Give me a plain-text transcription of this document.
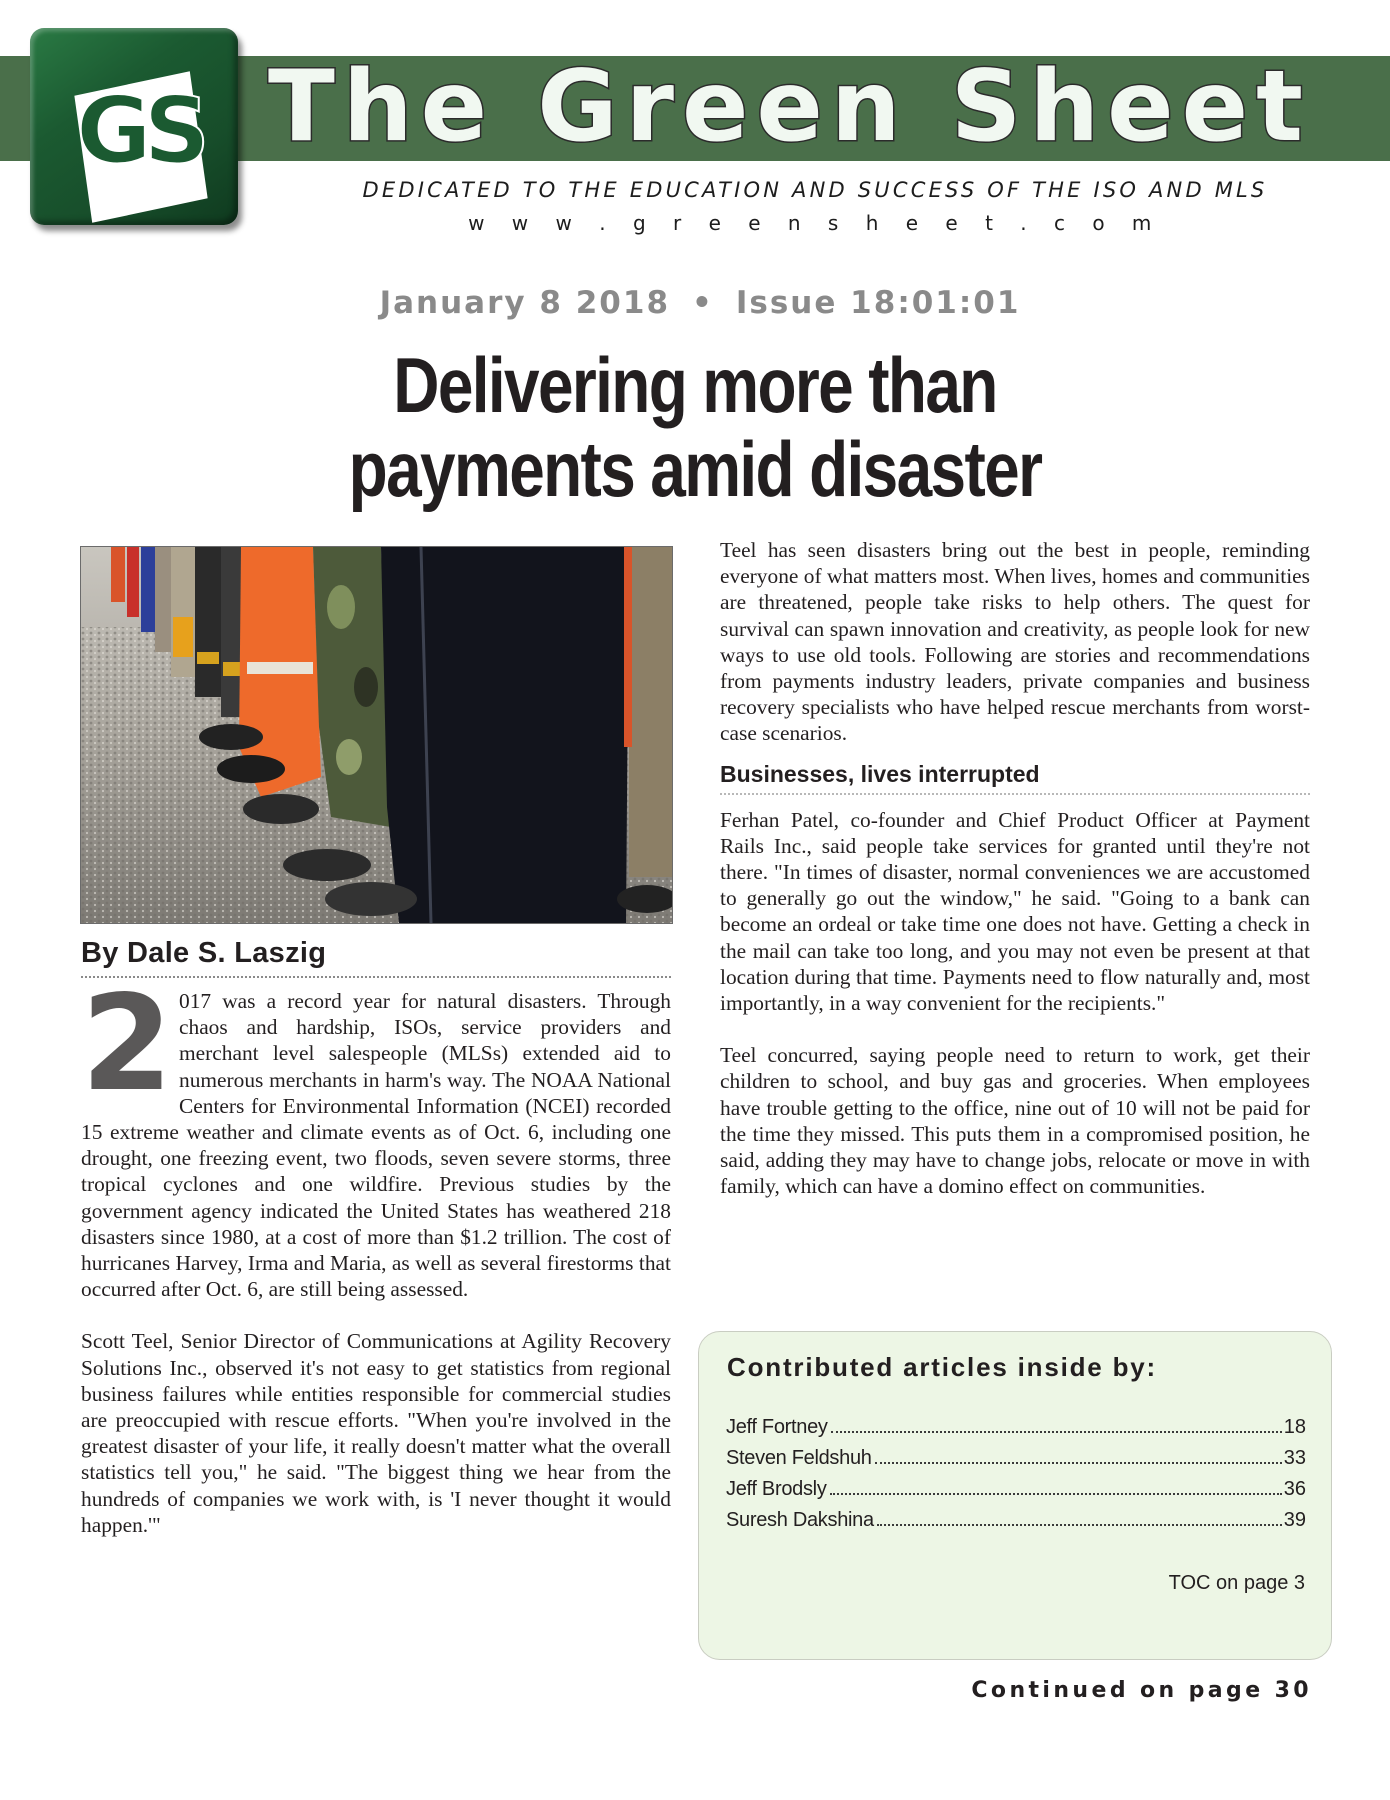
GS The Green Sheet
DEDICATED TO THE EDUCATION AND SUCCESS OF THE ISO AND MLS
w w w . g r e e n s h e e t . c o m
January 8 2018 • Issue 18:01:01
Delivering more than
payments amid disaster
By Dale S. Laszig

2 017 was a record year for natural disasters. Through chaos and hardship, ISOs, service providers and merchant level salespeople (MLSs) extended aid to numerous merchants in harm's way. The NOAA National Centers for Environmental Information (NCEI) recorded 15 extreme weather and climate events as of Oct. 6, including one drought, one freezing event, two floods, seven severe storms, three tropical cyclones and one wildfire. Previous studies by the government agency indicated the United States has weathered 218 disasters since 1980, at a cost of more than $1.2 trillion. The cost of hurricanes Harvey, Irma and Maria, as well as several firestorms that occurred after Oct. 6, are still being assessed.

Scott Teel, Senior Director of Communications at Agility Recovery Solutions Inc., observed it's not easy to get statistics from regional business failures while entities responsible for commercial studies are preoccupied with rescue efforts. "When you're involved in the greatest disaster of your life, it really doesn't matter what the overall statistics tell you," he said. "The biggest thing we hear from the hundreds of companies we work with, is 'I never thought it would happen.'"

Teel has seen disasters bring out the best in people, reminding everyone of what matters most. When lives, homes and communities are threatened, people take risks to help others. The quest for survival can spawn innovation and creativity, as people look for new ways to use old tools. Following are stories and recommendations from payments industry leaders, private companies and business recovery specialists who have helped rescue merchants from worst-case scenarios.

Businesses, lives interrupted

Ferhan Patel, co-founder and Chief Product Officer at Payment Rails Inc., said people take services for granted until they're not there. "In times of disaster, normal conveniences we are accustomed to generally go out the window," he said. "Going to a bank can become an ordeal or take time one does not have. Getting a check in the mail can take too long, and you may not even be present at that location during that time. Payments need to flow naturally and, most importantly, in a way convenient for the recipients."

Teel concurred, saying people need to return to work, get their children to school, and buy gas and groceries. When employees have trouble getting to the office, nine out of 10 will not be paid for the time they missed. This puts them in a compromised position, he said, adding they may have to change jobs, relocate or move in with family, which can have a domino effect on communities.

Contributed articles inside by:
Jeff Fortney	18
Steven Feldshuh	33
Jeff Brodsly	36
Suresh Dakshina	39
TOC on page 3
Continued on page 30
